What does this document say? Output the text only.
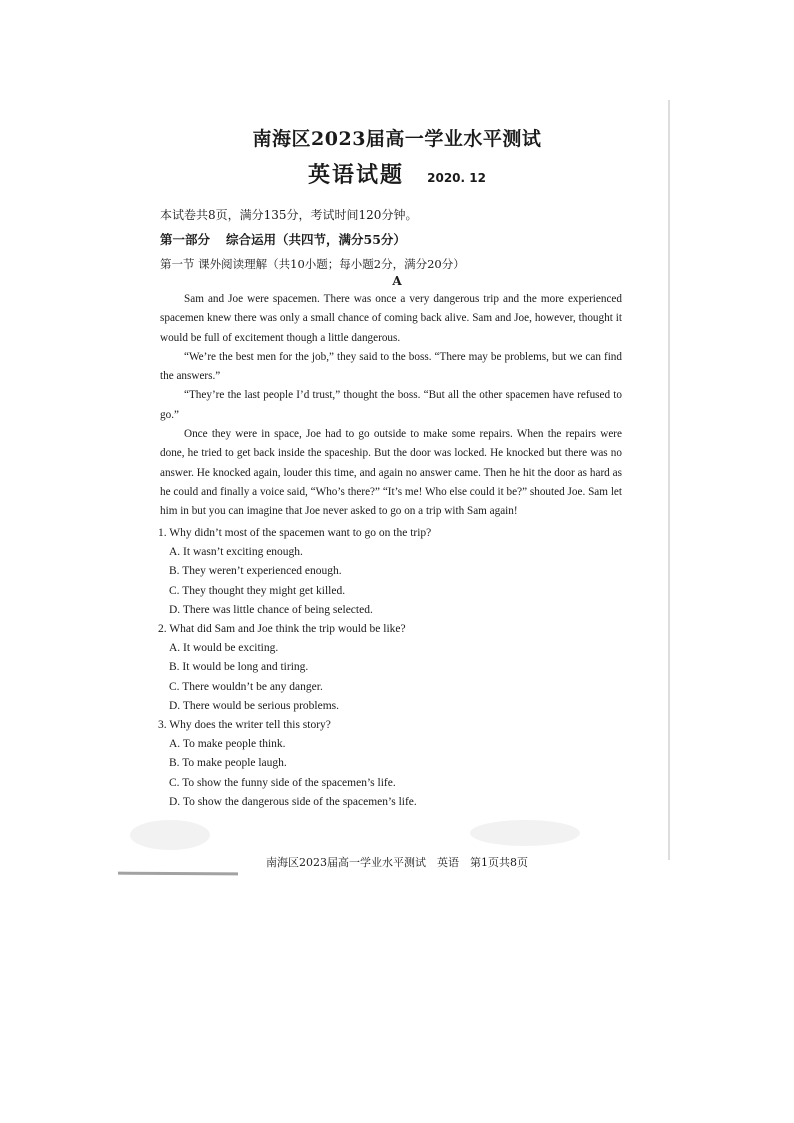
南海区2023届高一学业水平测试
英语试题 2020. 12
本试卷共8页，满分135分，考试时间120分钟。
第一部分 综合运用（共四节，满分55分）
第一节 课外阅读理解（共10小题；每小题2分，满分20分）
A

Sam and Joe were spacemen. There was once a very dangerous trip and the more experienced spacemen knew there was only a small chance of coming back alive. Sam and Joe, however, thought it would be full of excitement though a little dangerous.

“We’re the best men for the job,” they said to the boss. “There may be problems, but we can find the answers.”

“They’re the last people I’d trust,” thought the boss. “But all the other spacemen have refused to go.”

Once they were in space, Joe had to go outside to make some repairs. When the repairs were done, he tried to get back inside the spaceship. But the door was locked. He knocked but there was no answer. He knocked again, louder this time, and again no answer came. Then he hit the door as hard as he could and finally a voice said, “Who’s there?” “It’s me! Who else could it be?” shouted Joe. Sam let him in but you can imagine that Joe never asked to go on a trip with Sam again!

1. Why didn’t most of the spacemen want to go on the trip?

A. It wasn’t exciting enough.

B. They weren’t experienced enough.

C. They thought they might get killed.

D. There was little chance of being selected.

2. What did Sam and Joe think the trip would be like?

A. It would be exciting.

B. It would be long and tiring.

C. There wouldn’t be any danger.

D. There would be serious problems.

3. Why does the writer tell this story?

A. To make people think.

B. To make people laugh.

C. To show the funny side of the spacemen’s life.

D. To show the dangerous side of the spacemen’s life.

南海区2023届高一学业水平测试　英语　第1页共8页
